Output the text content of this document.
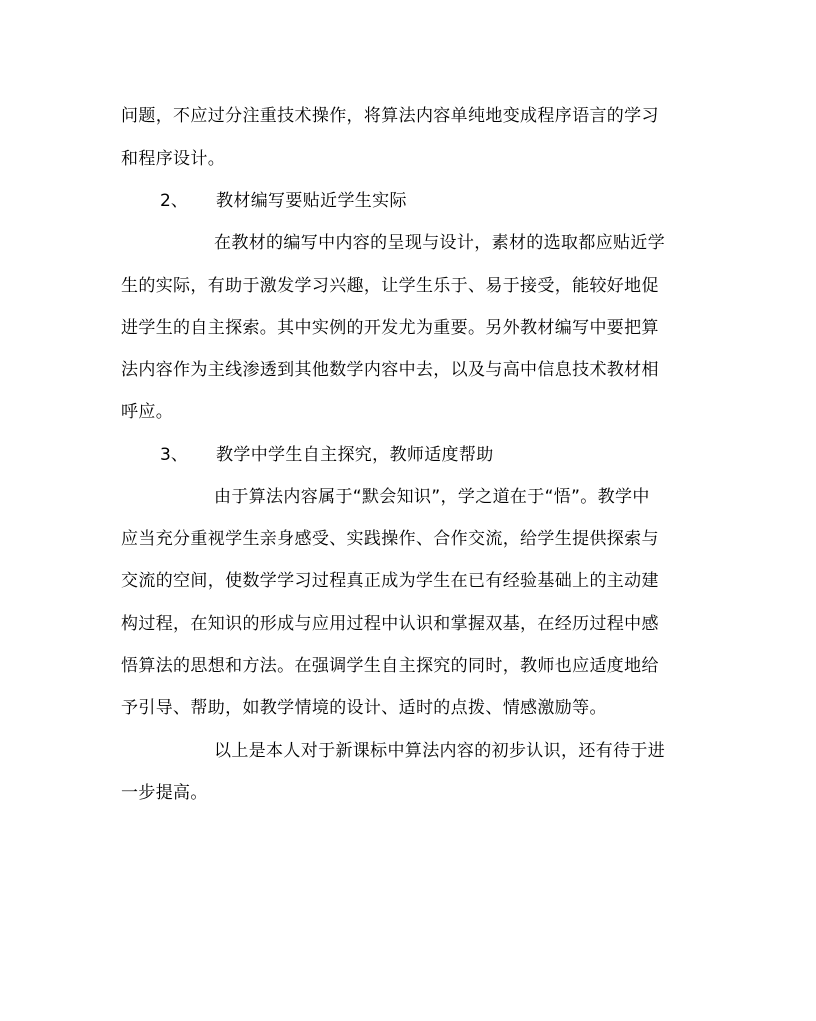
问题，不应过分注重技术操作，将算法内容单纯地变成程序语言的学习
和程序设计。
2、 教材编写要贴近学生实际
在教材的编写中内容的呈现与设计，素材的选取都应贴近学
生的实际，有助于激发学习兴趣，让学生乐于、易于接受，能较好地促
进学生的自主探索。其中实例的开发尤为重要。另外教材编写中要把算
法内容作为主线渗透到其他数学内容中去，以及与高中信息技术教材相
呼应。
3、 教学中学生自主探究，教师适度帮助
由于算法内容属于“默会知识”，学之道在于“悟”。教学中
应当充分重视学生亲身感受、实践操作、合作交流，给学生提供探索与
交流的空间，使数学学习过程真正成为学生在已有经验基础上的主动建
构过程，在知识的形成与应用过程中认识和掌握双基，在经历过程中感
悟算法的思想和方法。在强调学生自主探究的同时，教师也应适度地给
予引导、帮助，如教学情境的设计、适时的点拨、情感激励等。
以上是本人对于新课标中算法内容的初步认识，还有待于进
一步提高。
